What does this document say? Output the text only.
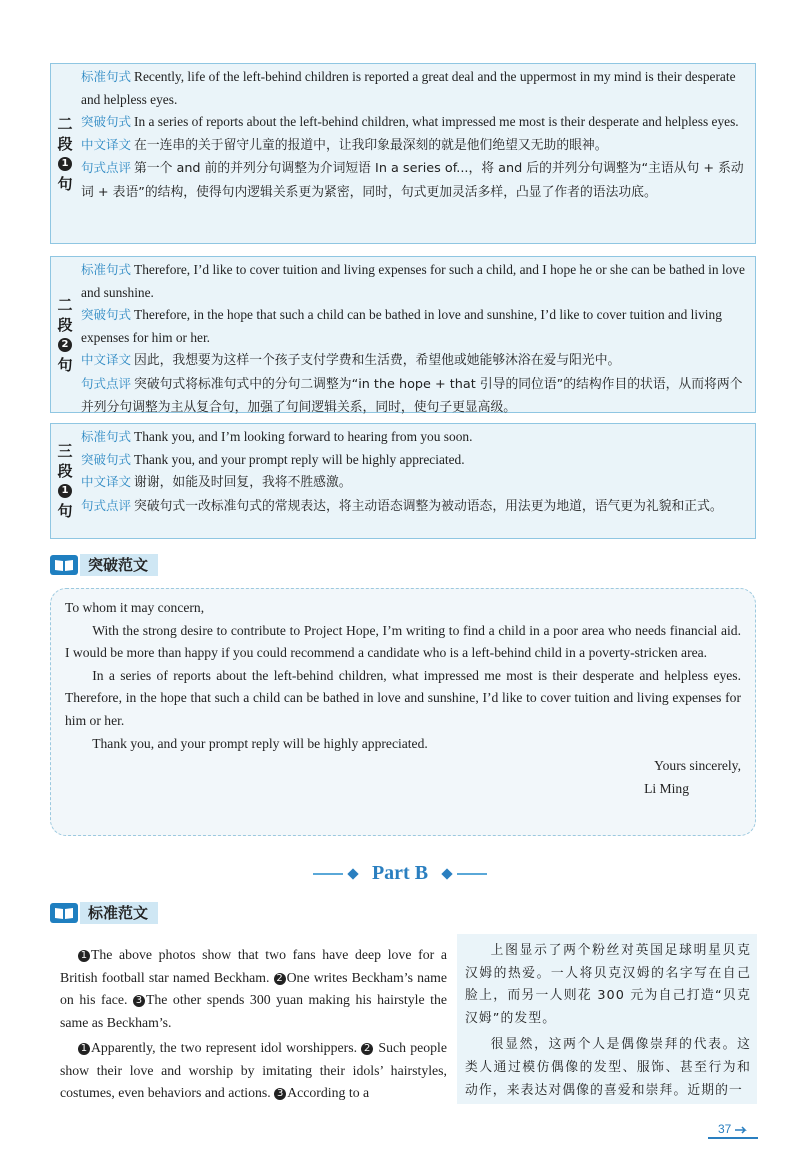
二
段
1
句
标准句式 Recently, life of the left-behind children is reported a great deal and the uppermost in my mind is their desperate and helpless eyes.
突破句式 In a series of reports about the left-behind children, what impressed me most is their desperate and helpless eyes.
中文译文 在一连串的关于留守儿童的报道中，让我印象最深刻的就是他们绝望又无助的眼神。
句式点评 第一个 and 前的并列分句调整为介词短语 In a series of...，将 and 后的并列分句调整为“主语从句 + 系动词 + 表语”的结构，使得句内逻辑关系更为紧密，同时，句式更加灵活多样，凸显了作者的语法功底。
二
段
2
句
标准句式 Therefore, I’d like to cover tuition and living expenses for such a child, and I hope he or she can be bathed in love and sunshine.
突破句式 Therefore, in the hope that such a child can be bathed in love and sunshine, I’d like to cover tuition and living expenses for him or her.
中文译文 因此，我想要为这样一个孩子支付学费和生活费，希望他或她能够沐浴在爱与阳光中。
句式点评 突破句式将标准句式中的分句二调整为“in the hope + that 引导的同位语”的结构作目的状语，从而将两个并列分句调整为主从复合句，加强了句间逻辑关系，同时，使句子更显高级。
三
段
1
句
标准句式 Thank you, and I’m looking forward to hearing from you soon.
突破句式 Thank you, and your prompt reply will be highly appreciated.
中文译文 谢谢，如能及时回复，我将不胜感激。
句式点评 突破句式一改标准句式的常规表达，将主动语态调整为被动语态，用法更为地道，语气更为礼貌和正式。
突破范文

To whom it may concern,

With the strong desire to contribute to Project Hope, I’m writing to find a child in a poor area who needs financial aid. I would be more than happy if you could recommend a candidate who is a left-behind child in a poverty-stricken area.

In a series of reports about the left-behind children, what impressed me most is their desperate and helpless eyes. Therefore, in the hope that such a child can be bathed in love and sunshine, I’d like to cover tuition and living expenses for him or her.

Thank you, and your prompt reply will be highly appreciated.

Yours sincerely,

Li Ming

Part B
标准范文

1 The above photos show that two fans have deep love for a British football star named Beckham. 2 One writes Beckham’s name on his face. 3 The other spends 300 yuan making his hairstyle the same as Beckham’s.

1 Apparently, the two represent idol worshippers. 2 Such people show their love and worship by imitating their idols’ hairstyles, costumes, even behaviors and actions. 3 According to a

上图显示了两个粉丝对英国足球明星贝克汉姆的热爱。一人将贝克汉姆的名字写在自己脸上，而另一人则花 300 元为自己打造“贝克汉姆”的发型。

很显然，这两个人是偶像崇拜的代表。这类人通过模仿偶像的发型、服饰、甚至行为和动作，来表达对偶像的喜爱和崇拜。近期的一

37
